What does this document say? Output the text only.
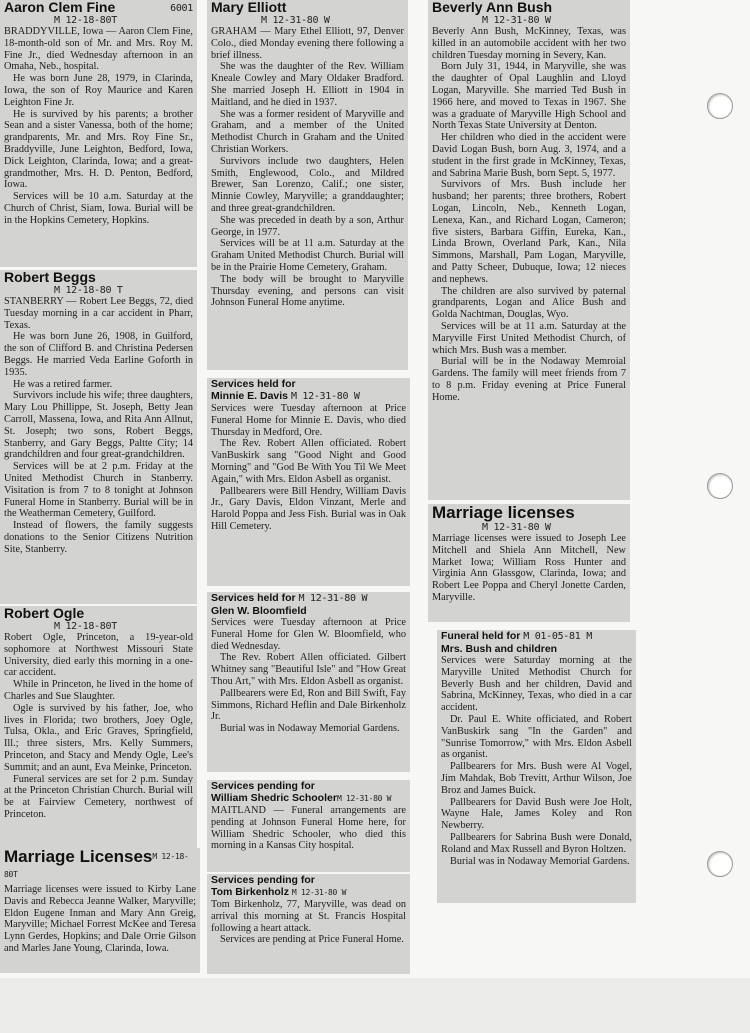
Aaron Clem Fine	6001
M 12-18-80T

BRADDYVILLE, Iowa — Aaron Clem Fine, 18-month-old son of Mr. and Mrs. Roy M. Fine Jr., died Wednesday afternoon in an Omaha, Neb., hospital.

He was born June 28, 1979, in Clarinda, Iowa, the son of Roy Maurice and Karen Leighton Fine Jr.

He is survived by his parents; a brother Sean and a sister Vanessa, both of the home; grandparents, Mr. and Mrs. Roy Fine Sr., Braddyville, June Leighton, Bedford, Iowa, Dick Leighton, Clarinda, Iowa; and a great-grandmother, Mrs. H. D. Penton, Bedford, Iowa.

Services will be 10 a.m. Saturday at the Church of Christ, Siam, Iowa. Burial will be in the Hopkins Cemetery, Hopkins.

Robert Beggs
M 12-18-80 T

STANBERRY — Robert Lee Beggs, 72, died Tuesday morning in a car accident in Pharr, Texas.

He was born June 26, 1908, in Guilford, the son of Clifford B. and Christina Pedersen Beggs. He married Veda Earline Goforth in 1935.

He was a retired farmer.

Survivors include his wife; three daughters, Mary Lou Phillippe, St. Joseph, Betty Jean Carroll, Massena, Iowa, and Rita Ann Allnut, St. Joseph; two sons, Robert Beggs, Stanberry, and Gary Beggs, Paltte City; 14 grandchildren and four great-grandchildren.

Services will be at 2 p.m. Friday at the United Methodist Church in Stanberry. Visitation is from 7 to 8 tonight at Johnson Funeral Home in Stanberry. Burial will be in the Weatherman Cemetery, Guilford.

Instead of flowers, the family suggests donations to the Senior Citizens Nutrition Site, Stanberry.

Robert Ogle
M 12-18-80T

Robert Ogle, Princeton, a 19-year-old sophomore at Northwest Missouri State University, died early this morning in a one-car accident.

While in Princeton, he lived in the home of Charles and Sue Slaughter.

Ogle is survived by his father, Joe, who lives in Florida; two brothers, Joey Ogle, Tulsa, Okla., and Eric Graves, Springfield, Ill.; three sisters, Mrs. Kelly Summers, Princeton, and Stacy and Mendy Ogle, Lee's Summit; and an aunt, Eva Meinke, Princeton.

Funeral services are set for 2 p.m. Sunday at the Princeton Christian Church. Burial will be at Fairview Cemetery, northwest of Princeton.

Marriage Licenses$^{M 12-18-80T}$

Marriage licenses were issued to Kirby Lane Davis and Rebecca Jeanne Walker, Maryville; Eldon Eugene Inman and Mary Ann Greig, Maryville; Michael Forrest McKee and Teresa Lynn Gerdes, Hopkins; and Dale Orrie Gilson and Marles Jane Young, Clarinda, Iowa.

Mary Elliott
M 12-31-80 W

GRAHAM — Mary Ethel Elliott, 97, Denver Colo., died Monday evening there following a brief illness.

She was the daughter of the Rev. William Kneale Cowley and Mary Oldaker Bradford. She married Joseph H. Elliott in 1904 in Maitland, and he died in 1937.

She was a former resident of Maryville and Graham, and a member of the United Methodist Church in Graham and the United Christian Workers.

Survivors include two daughters, Helen Smith, Englewood, Colo., and Mildred Brewer, San Lorenzo, Calif.; one sister, Minnie Cowley, Maryville; a granddaughter; and three great-grandchildren.

She was preceded in death by a son, Arthur George, in 1977.

Services will be at 11 a.m. Saturday at the Graham United Methodist Church. Burial will be in the Prairie Home Cemetery, Graham.

The body will be brought to Maryville Thursday evening, and persons can visit Johnson Funeral Home anytime.

Services held for
Minnie E. Davis M 12-31-80 W

Services were Tuesday afternoon at Price Funeral Home for Minnie E. Davis, who died Thursday in Medford, Ore.

The Rev. Robert Allen officiated. Robert VanBuskirk sang "Good Night and Good Morning" and "God Be With You Til We Meet Again," with Mrs. Eldon Asbell as organist.

Pallbearers were Bill Hendry, William Davis Jr., Gary Davis, Eldon Vinzant, Merle and Harold Poppa and Jess Fish. Burial was in Oak Hill Cemetery.

Services held for M 12-31-80 W
Glen W. Bloomfield

Services were Tuesday afternoon at Price Funeral Home for Glen W. Bloomfield, who died Wednesday.

The Rev. Robert Allen officiated. Gilbert Whitney sang "Beautiful Isle" and "How Great Thou Art," with Mrs. Eldon Asbell as organist.

Pallbearers were Ed, Ron and Bill Swift, Fay Simmons, Richard Heflin and Dale Birkenholz Jr.

Burial was in Nodaway Memorial Gardens.

Services pending for
William Shedric SchoolerM 12-31-80 W

MAITLAND — Funeral arrangements are pending at Johnson Funeral Home here, for William Shedric Schooler, who died this morning in a Kansas City hospital.

Services pending for
Tom Birkenholz M 12-31-80 W

Tom Birkenholz, 77, Maryville, was dead on arrival this morning at St. Francis Hospital following a heart attack.

Services are pending at Price Funeral Home.

Beverly Ann Bush
M 12-31-80 W

Beverly Ann Bush, McKinney, Texas, was killed in an automobile accident with her two children Tuesday morning in Severy, Kan.

Born July 31, 1944, in Maryville, she was the daughter of Opal Laughlin and Lloyd Logan, Maryville. She married Ted Bush in 1966 here, and moved to Texas in 1967. She was a graduate of Maryville High School and North Texas State University at Denton.

Her children who died in the accident were David Logan Bush, born Aug. 3, 1974, and a student in the first grade in McKinney, Texas, and Sabrina Marie Bush, born Sept. 5, 1977.

Survivors of Mrs. Bush include her husband; her parents; three brothers, Robert Logan, Lincoln, Neb., Kenneth Logan, Lenexa, Kan., and Richard Logan, Cameron; five sisters, Barbara Giffin, Eureka, Kan., Linda Brown, Overland Park, Kan., Nila Simmons, Marshall, Pam Logan, Maryville, and Patty Scheer, Dubuque, Iowa; 12 nieces and nephews.

The children are also survived by paternal grandparents, Logan and Alice Bush and Golda Nachtman, Douglas, Wyo.

Services will be at 11 a.m. Saturday at the Maryville First United Methodist Church, of which Mrs. Bush was a member.

Burial will be in the Nodaway Memroial Gardens. The family will meet friends from 7 to 8 p.m. Friday evening at Price Funeral Home.

Marriage licenses
M 12-31-80 W

Marriage licenses were issued to Joseph Lee Mitchell and Shiela Ann Mitchell, New Market Iowa; William Ross Hunter and Virginia Ann Glassgow, Clarinda, Iowa; and Robert Lee Poppa and Cheryl Jonette Carden, Maryville.

Funeral held for M 01-05-81 M
Mrs. Bush and children

Services were Saturday morning at the Maryville United Methodist Church for Beverly Bush and her children, David and Sabrina, McKinney, Texas, who died in a car accident.

Dr. Paul E. White officiated, and Robert VanBuskirk sang "In the Garden" and "Sunrise Tomorrow," with Mrs. Eldon Asbell as organist.

Pallbearers for Mrs. Bush were Al Vogel, Jim Mahdak, Bob Trevitt, Arthur Wilson, Joe Broz and James Buick.

Pallbearers for David Bush were Joe Holt, Wayne Hale, James Koley and Ron Newberry.

Pallbearers for Sabrina Bush were Donald, Roland and Max Russell and Byron Holtzen.

Burial was in Nodaway Memorial Gardens.
